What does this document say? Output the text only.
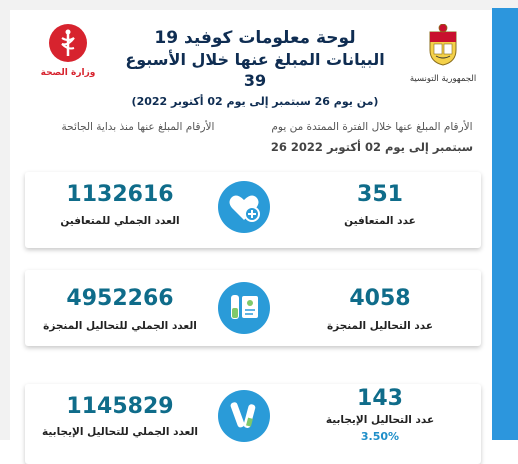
وزارة الصحة
لوحة معلومات كوفيد 19
البيانات المبلغ عنها خلال الأسبوع 39
(من يوم 26 سبتمبر إلى يوم 02 أكتوبر 2022)
الجمهورية التونسية
الأرقام المبلغ عنها منذ بداية الجائحة	الأرقام المبلغ عنها خلال الفترة الممتدة من يوم
26 سبتمبر إلى يوم 02 أكتوبر 2022
1132616
العدد الجملي للمتعافين
351
عدد المتعافين
4952266
العدد الجملي للتحاليل المنجزة
4058
عدد التحاليل المنجزة
1145829
العدد الجملي للتحاليل الإيجابية
143
عدد التحاليل الإيجابية
3.50%
